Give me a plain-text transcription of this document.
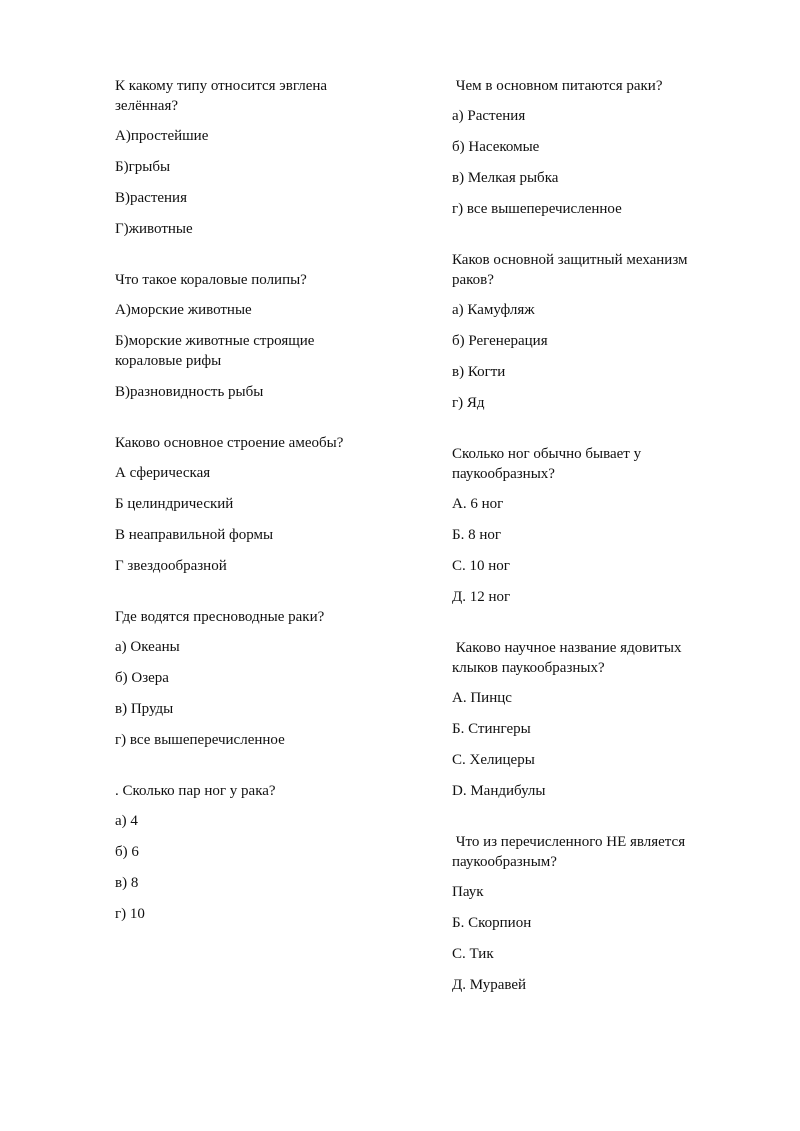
К какому типу относится эвглена зелённая?

А)простейшие

Б)грыбы

В)растения

Г)животные

Что такое кораловые полипы?

А)морские животные

Б)морские животные строящие кораловые рифы

В)разновидность рыбы

Каково основное строение амеобы?

А сферическая

Б целиндрический

В неаправильной формы

Г звездообразной

Где водятся пресноводные раки?

а) Океаны

б) Озера

в) Пруды

г) все вышеперечисленное

. Сколько пар ног у рака?

а) 4

б) 6

в) 8

г) 10

Чем в основном питаются раки?

а) Растения

б) Насекомые

в) Мелкая рыбка

г) все вышеперечисленное

Каков основной защитный механизм раков?

а) Камуфляж

б) Регенерация

в) Когти

г) Яд

Сколько ног обычно бывает у паукообразных?

А. 6 ног

Б. 8 ног

С. 10 ног

Д. 12 ног

Каково научное название ядовитых клыков паукообразных?

А. Пинцс

Б. Стингеры

С. Хелицеры

D. Мандибулы

Что из перечисленного НЕ является паукообразным?

Паук

Б. Скорпион

С. Тик

Д. Муравей
